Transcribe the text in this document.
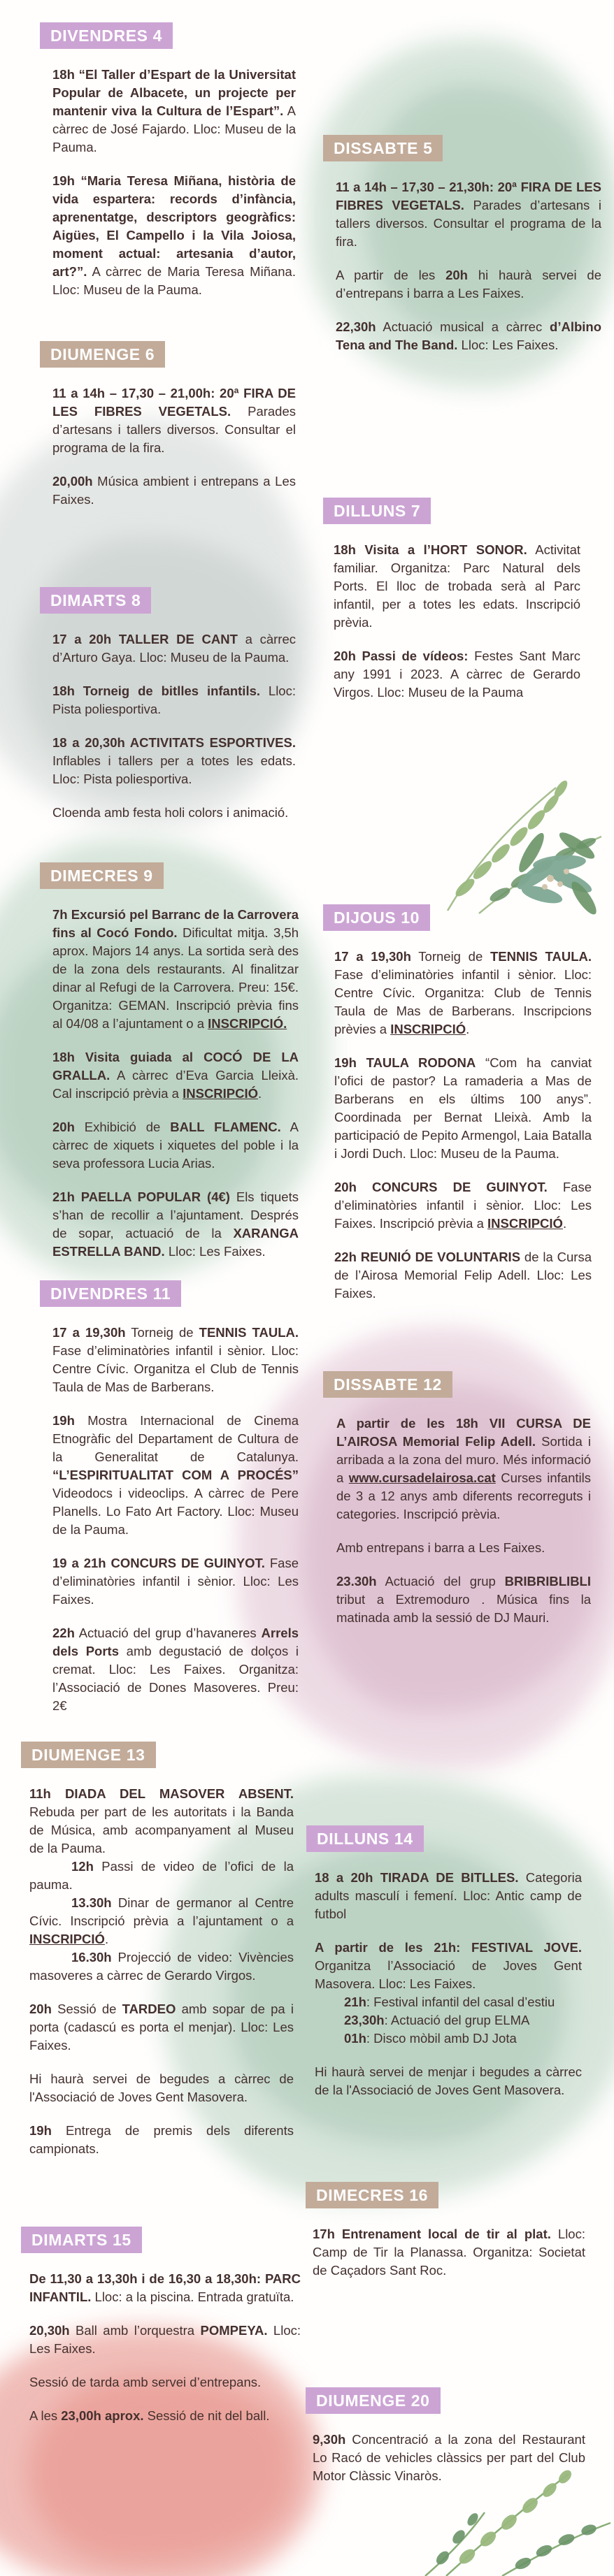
DIVENDRES 4

18h “El Taller d’Espart de la Universitat Popular de Albacete, un projecte per mantenir viva la Cultura de l’Espart”. A càrrec de José Fajardo. Lloc: Museu de la Pauma.

19h “Maria Teresa Miñana, història de vida espartera: records d’infància, aprenentatge, descriptors geogràfics: Aigües, El Campello i la Vila Joiosa, moment actual: artesania d’autor, art?”. A càrrec de Maria Teresa Miñana. Lloc: Museu de la Pauma.

DISSABTE 5

11 a 14h – 17,30 – 21,30h: 20ª FIRA DE LES FIBRES VEGETALS. Parades d’artesans i tallers diversos. Consultar el programa de la fira.

A partir de les 20h hi haurà servei de d’entrepans i barra a Les Faixes.

22,30h Actuació musical a càrrec d’Albino Tena and The Band. Lloc: Les Faixes.

DIUMENGE 6

11 a 14h – 17,30 – 21,00h: 20ª FIRA DE LES FIBRES VEGETALS. Parades d’artesans i tallers diversos. Consultar el programa de la fira.

20,00h Música ambient i entrepans a Les Faixes.

DILLUNS 7

18h Visita a l’HORT SONOR. Activitat familiar. Organitza: Parc Natural dels Ports. El lloc de trobada serà al Parc infantil, per a totes les edats. Inscripció prèvia.

20h Passi de vídeos: Festes Sant Marc any 1991 i 2023. A càrrec de Gerardo Virgos. Lloc: Museu de la Pauma

DIMARTS 8

17 a 20h TALLER DE CANT a càrrec d’Arturo Gaya. Lloc: Museu de la Pauma.

18h Torneig de bitlles infantils. Lloc: Pista poliesportiva.

18 a 20,30h ACTIVITATS ESPORTIVES. Inflables i tallers per a totes les edats. Lloc: Pista poliesportiva.

Cloenda amb festa holi colors i animació.

DIMECRES 9

7h Excursió pel Barranc de la Carrovera fins al Cocó Fondo. Dificultat mitja. 3,5h aprox. Majors 14 anys. La sortida serà des de la zona dels restaurants. Al finalitzar dinar al Refugi de la Carrovera. Preu: 15€. Organitza: GEMAN. Inscripció prèvia fins al 04/08 a l’ajuntament o a INSCRIPCIÓ.

18h Visita guiada al COCÓ DE LA GRALLA. A càrrec d’Eva Garcia Lleixà. Cal inscripció prèvia a INSCRIPCIÓ.

20h Exhibició de BALL FLAMENC. A càrrec de xiquets i xiquetes del poble i la seva professora Lucia Arias.

21h PAELLA POPULAR (4€) Els tiquets s’han de recollir a l’ajuntament. Després de sopar, actuació de la XARANGA ESTRELLA BAND. Lloc: Les Faixes.

DIJOUS 10

17 a 19,30h Torneig de TENNIS TAULA. Fase d’eliminatòries infantil i sènior. Lloc: Centre Cívic. Organitza: Club de Tennis Taula de Mas de Barberans. Inscripcions prèvies a INSCRIPCIÓ.

19h TAULA RODONA “Com ha canviat l’ofici de pastor? La ramaderia a Mas de Barberans en els últims 100 anys”. Coordinada per Bernat Lleixà. Amb la participació de Pepito Armengol, Laia Batalla i Jordi Duch. Lloc: Museu de la Pauma.

20h CONCURS DE GUINYOT. Fase d’eliminatòries infantil i sènior. Lloc: Les Faixes. Inscripció prèvia a INSCRIPCIÓ.

22h REUNIÓ DE VOLUNTARIS de la Cursa de l’Airosa Memorial Felip Adell. Lloc: Les Faixes.

DIVENDRES 11

17 a 19,30h Torneig de TENNIS TAULA. Fase d’eliminatòries infantil i sènior. Lloc: Centre Cívic. Organitza el Club de Tennis Taula de Mas de Barberans.

19h Mostra Internacional de Cinema Etnogràfic del Departament de Cultura de la Generalitat de Catalunya. “L’ESPIRITUALITAT COM A PROCÉS” Videodocs i videoclips. A càrrec de Pere Planells. Lo Fato Art Factory. Lloc: Museu de la Pauma.

19 a 21h CONCURS DE GUINYOT. Fase d’eliminatòries infantil i sènior. Lloc: Les Faixes.

22h Actuació del grup d’havaneres Arrels dels Ports amb degustació de dolços i cremat. Lloc: Les Faixes. Organitza: l’Associació de Dones Masoveres. Preu: 2€

DISSABTE 12

A partir de les 18h VII CURSA DE L’AIROSA Memorial Felip Adell. Sortida i arribada a la zona del muro. Més informació a www.cursadelairosa.cat Curses infantils de 3 a 12 anys amb diferents recorreguts i categories. Inscripció prèvia.

Amb entrepans i barra a Les Faixes.

23.30h Actuació del grup BRIBRIBLIBLI tribut a Extremoduro . Música fins la matinada amb la sessió de DJ Mauri.

DIUMENGE 13

11h DIADA DEL MASOVER ABSENT. Rebuda per part de les autoritats i la Banda de Música, amb acompanyament al Museu de la Pauma.

12h Passi de video de l’ofici de la pauma.

13.30h Dinar de germanor al Centre Cívic. Inscripció prèvia a l’ajuntament o a INSCRIPCIÓ.

16.30h Projecció de video: Vivències masoveres a càrrec de Gerardo Virgos.

20h Sessió de TARDEO amb sopar de pa i porta (cadascú es porta el menjar). Lloc: Les Faixes.

Hi haurà servei de begudes a càrrec de l'Associació de Joves Gent Masovera.

19h Entrega de premis dels diferents campionats.

DILLUNS 14

18 a 20h TIRADA DE BITLLES. Categoria adults masculí i femení. Lloc: Antic camp de futbol

A partir de les 21h: FESTIVAL JOVE. Organitza l’Associació de Joves Gent Masovera. Lloc: Les Faixes.

21h: Festival infantil del casal d’estiu

23,30h: Actuació del grup ELMA

01h: Disco mòbil amb DJ Jota

Hi haurà servei de menjar i begudes a càrrec de la l'Associació de Joves Gent Masovera.

DIMARTS 15

De 11,30 a 13,30h i de 16,30 a 18,30h: PARC INFANTIL. Lloc: a la piscina. Entrada gratuïta.

20,30h Ball amb l’orquestra POMPEYA. Lloc: Les Faixes.

Sessió de tarda amb servei d’entrepans.

A les 23,00h aprox. Sessió de nit del ball.

DIMECRES 16

17h Entrenament local de tir al plat. Lloc: Camp de Tir la Planassa. Organitza: Societat de Caçadors Sant Roc.

DIUMENGE 20

9,30h Concentració a la zona del Restaurant Lo Racó de vehicles clàssics per part del Club Motor Clàssic Vinaròs.
